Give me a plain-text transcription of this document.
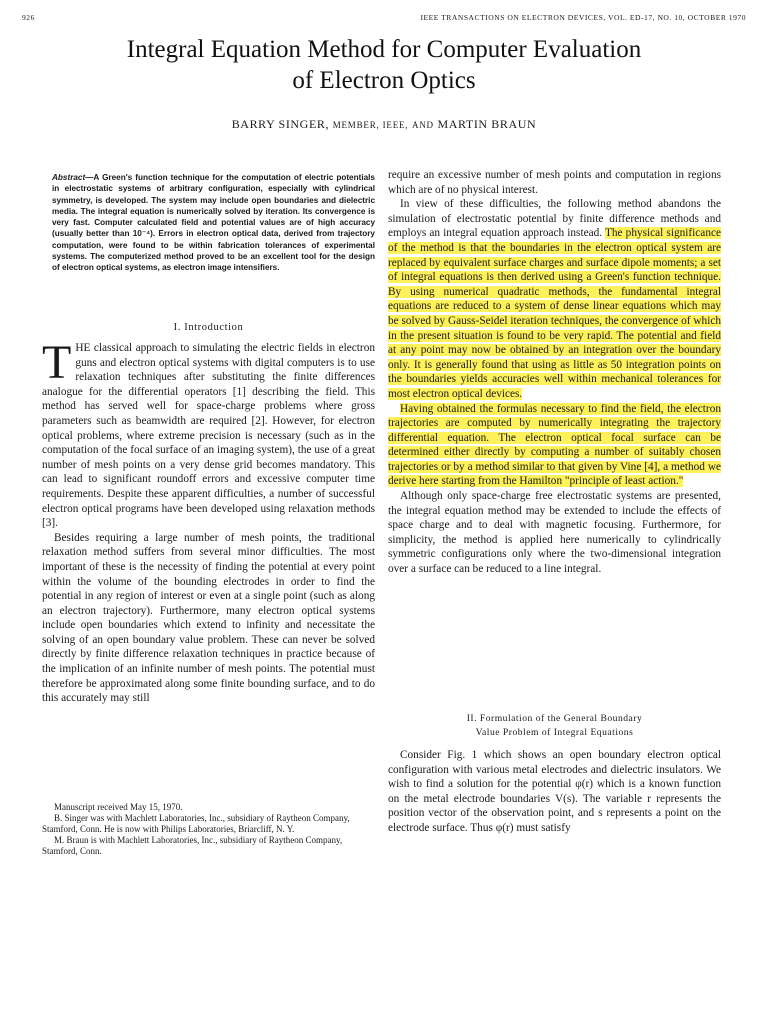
926	IEEE TRANSACTIONS ON ELECTRON DEVICES, VOL. ED-17, NO. 10, OCTOBER 1970
Integral Equation Method for Computer Evaluation
of Electron Optics
BARRY SINGER, MEMBER, IEEE, AND MARTIN BRAUN
Abstract—A Green's function technique for the computation of electric potentials in electrostatic systems of arbitrary configuration, especially with cylindrical symmetry, is developed. The system may include open boundaries and dielectric media. The integral equation is numerically solved by iteration. Its convergence is very fast. Computer calculated field and potential values are of high accuracy (usually better than 10⁻⁴). Errors in electron optical data, derived from trajectory computation, were found to be within fabrication tolerances of experimental systems. The computerized method proved to be an excellent tool for the design of electron optical systems, as electron image intensifiers.
I. Introduction

THE classical approach to simulating the electric fields in electron guns and electron optical systems with digital computers is to use relaxation techniques after substituting the finite differences analogue for the differential operators [1] describing the field. This method has served well for space-charge problems where gross parameters such as beamwidth are required [2]. However, for electron optical problems, where extreme precision is necessary (such as in the computation of the focal surface of an imaging system), the use of a great number of mesh points on a very dense grid becomes mandatory. This can lead to significant roundoff errors and excessive computer time requirements. Despite these apparent difficulties, a number of successful electron optical programs have been developed using relaxation methods [3].

Besides requiring a large number of mesh points, the traditional relaxation method suffers from several minor difficulties. The most important of these is the necessity of finding the potential at every point within the volume of the bounding electrodes in order to find the potential in any region of interest or even at a single point (such as along an electron trajectory). Furthermore, many electron optical systems include open boundaries which extend to infinity and necessitate the solving of an open boundary value problem. These can never be solved directly by finite difference relaxation techniques in practice because of the implication of an infinite number of mesh points. The potential must therefore be approximated along some finite bounding surface, and to do this accurately may still

Manuscript received May 15, 1970.

B. Singer was with Machlett Laboratories, Inc., subsidiary of Raytheon Company, Stamford, Conn. He is now with Philips Laboratories, Briarcliff, N. Y.

M. Braun is with Machlett Laboratories, Inc., subsidiary of Raytheon Company, Stamford, Conn.

require an excessive number of mesh points and computation in regions which are of no physical interest.

In view of these difficulties, the following method abandons the simulation of electrostatic potential by finite difference methods and employs an integral equation approach instead. The physical significance of the method is that the boundaries in the electron optical system are replaced by equivalent surface charges and surface dipole moments; a set of integral equations is then derived using a Green's function technique. By using numerical quadratic methods, the fundamental integral equations are reduced to a system of dense linear equations which may be solved by Gauss-Seidel iteration techniques, the convergence of which in the present situation is found to be very rapid. The potential and field at any point may now be obtained by an integration over the boundary only. It is generally found that using as little as 50 integration points on the boundaries yields accuracies well within mechanical tolerances for most electron optical devices.

Having obtained the formulas necessary to find the field, the electron trajectories are computed by numerically integrating the trajectory differential equation. The electron optical focal surface can be determined either directly by computing a number of suitably chosen trajectories or by a method similar to that given by Vine [4], a method we derive here starting from the Hamilton "principle of least action."

Although only space-charge free electrostatic systems are presented, the integral equation method may be extended to include the effects of space charge and to deal with magnetic focusing. Furthermore, for simplicity, the method is applied here numerically to cylindrically symmetric configurations only where the two-dimensional integration over a surface can be reduced to a line integral.

II. Formulation of the General Boundary
Value Problem of Integral Equations

Consider Fig. 1 which shows an open boundary electron optical configuration with various metal electrodes and dielectric insulators. We wish to find a solution for the potential φ(r) which is a known function on the metal electrode boundaries V(s). The variable r represents the position vector of the observation point, and s represents a point on the electrode surface. Thus φ(r) must satisfy
